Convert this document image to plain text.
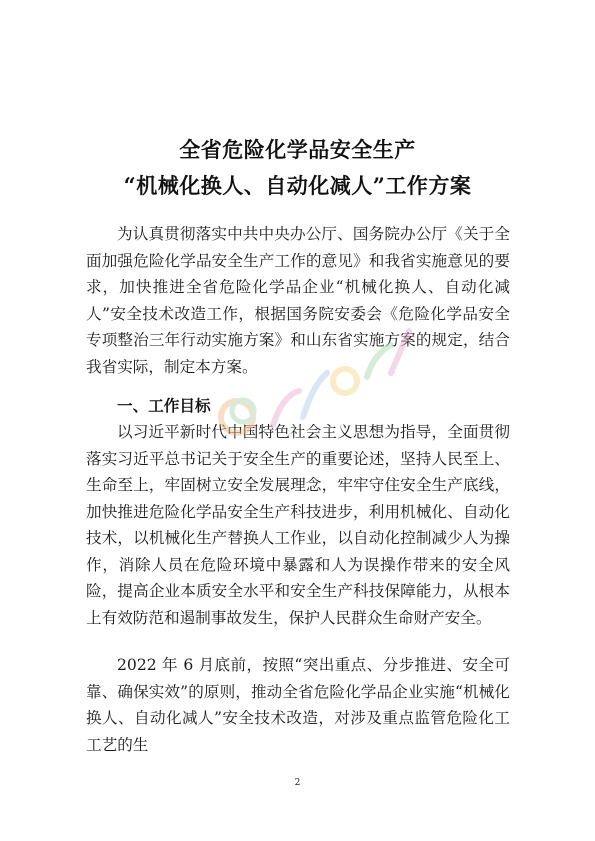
全省危险化学品安全生产
“机械化换人、自动化减人”工作方案

为认真贯彻落实中共中央办公厅、国务院办公厅《关于全面加强危险化学品安全生产工作的意见》和我省实施意见的要求，加快推进全省危险化学品企业“机械化换人、自动化减人”安全技术改造工作，根据国务院安委会《危险化学品安全专项整治三年行动实施方案》和山东省实施方案的规定，结合我省实际，制定本方案。

一、工作目标

以习近平新时代中国特色社会主义思想为指导，全面贯彻落实习近平总书记关于安全生产的重要论述，坚持人民至上、生命至上，牢固树立安全发展理念，牢牢守住安全生产底线，加快推进危险化学品安全生产科技进步，利用机械化、自动化技术，以机械化生产替换人工作业，以自动化控制减少人为操作，消除人员在危险环境中暴露和人为误操作带来的安全风险，提高企业本质安全水平和安全生产科技保障能力，从根本上有效防范和遏制事故发生，保护人民群众生命财产安全。

2022 年 6 月底前，按照“突出重点、分步推进、安全可靠、确保实效”的原则，推动全省危险化学品企业实施“机械化换人、自动化减人”安全技术改造，对涉及重点监管危险化工工艺的生

2
